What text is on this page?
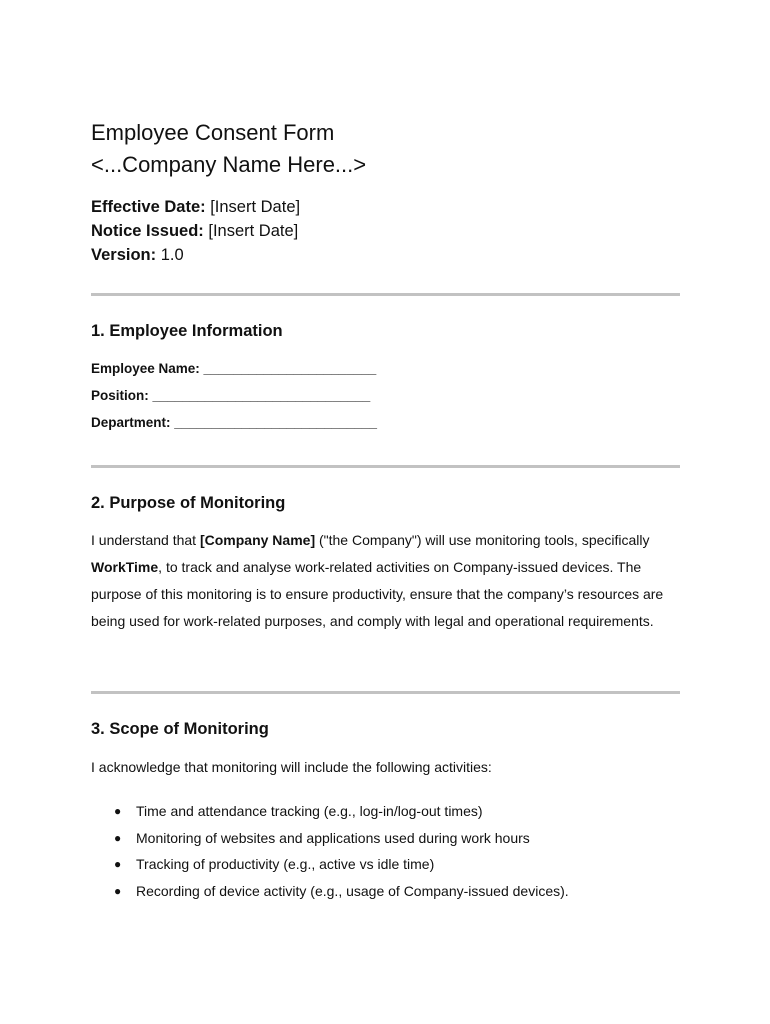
Employee Consent Form
<...Company Name Here...>
Effective Date: [Insert Date]
Notice Issued: [Insert Date]
Version: 1.0
1. Employee Information
Employee Name: _______________________
Position: _____________________________
Department: ___________________________
2. Purpose of Monitoring
I understand that [Company Name] ("the Company") will use monitoring tools, specifically WorkTime, to track and analyse work-related activities on Company-issued devices. The purpose of this monitoring is to ensure productivity, ensure that the company’s resources are being used for work-related purposes, and comply with legal and operational requirements.
3. Scope of Monitoring
I acknowledge that monitoring will include the following activities:
● Time and attendance tracking (e.g., log-in/log-out times)
● Monitoring of websites and applications used during work hours
● Tracking of productivity (e.g., active vs idle time)
● Recording of device activity (e.g., usage of Company-issued devices).
